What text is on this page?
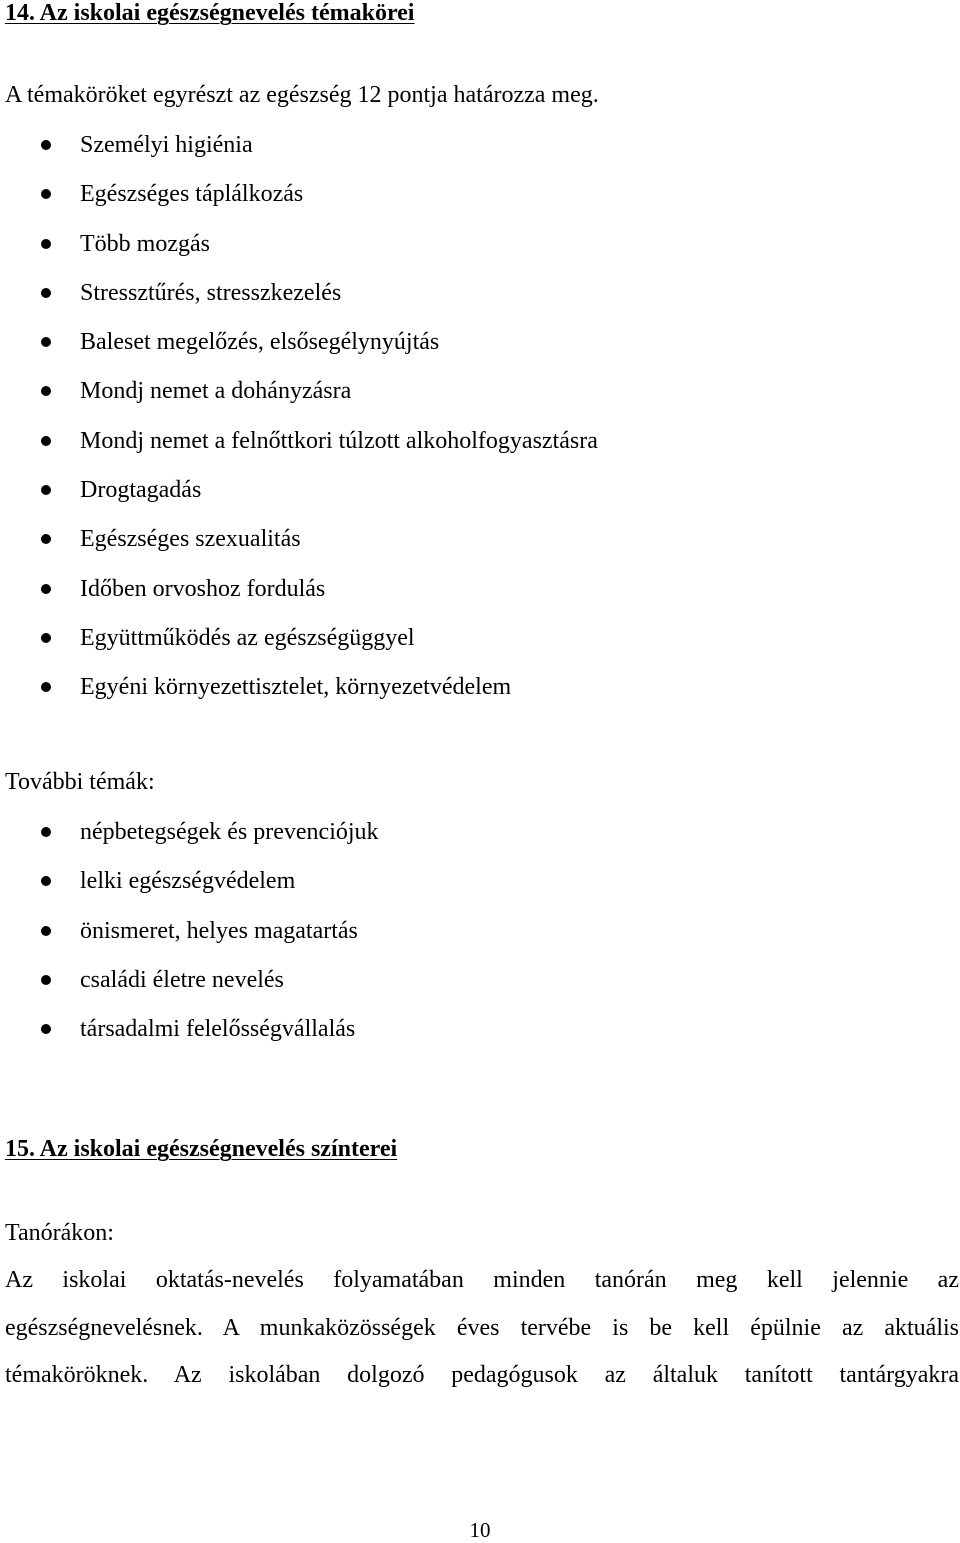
14. Az iskolai egészségnevelés témakörei
A témaköröket egyrészt az egészség 12 pontja határozza meg.
Személyi higiénia
Egészséges táplálkozás
Több mozgás
Stressztűrés, stresszkezelés
Baleset megelőzés, elsősegélynyújtás
Mondj nemet a dohányzásra
Mondj nemet a felnőttkori túlzott alkoholfogyasztásra
Drogtagadás
Egészséges szexualitás
Időben orvoshoz fordulás
Együttműködés az egészségüggyel
Egyéni környezettisztelet, környezetvédelem
További témák:
népbetegségek és prevenciójuk
lelki egészségvédelem
önismeret, helyes magatartás
családi életre nevelés
társadalmi felelősségvállalás
15. Az iskolai egészségnevelés színterei
Tanórákon:
Az iskolai oktatás-nevelés folyamatában minden tanórán meg kell jelennie az
egészségnevelésnek. A munkaközösségek éves tervébe is be kell épülnie az aktuális
témaköröknek. Az iskolában dolgozó pedagógusok az általuk tanított tantárgyakra
10
